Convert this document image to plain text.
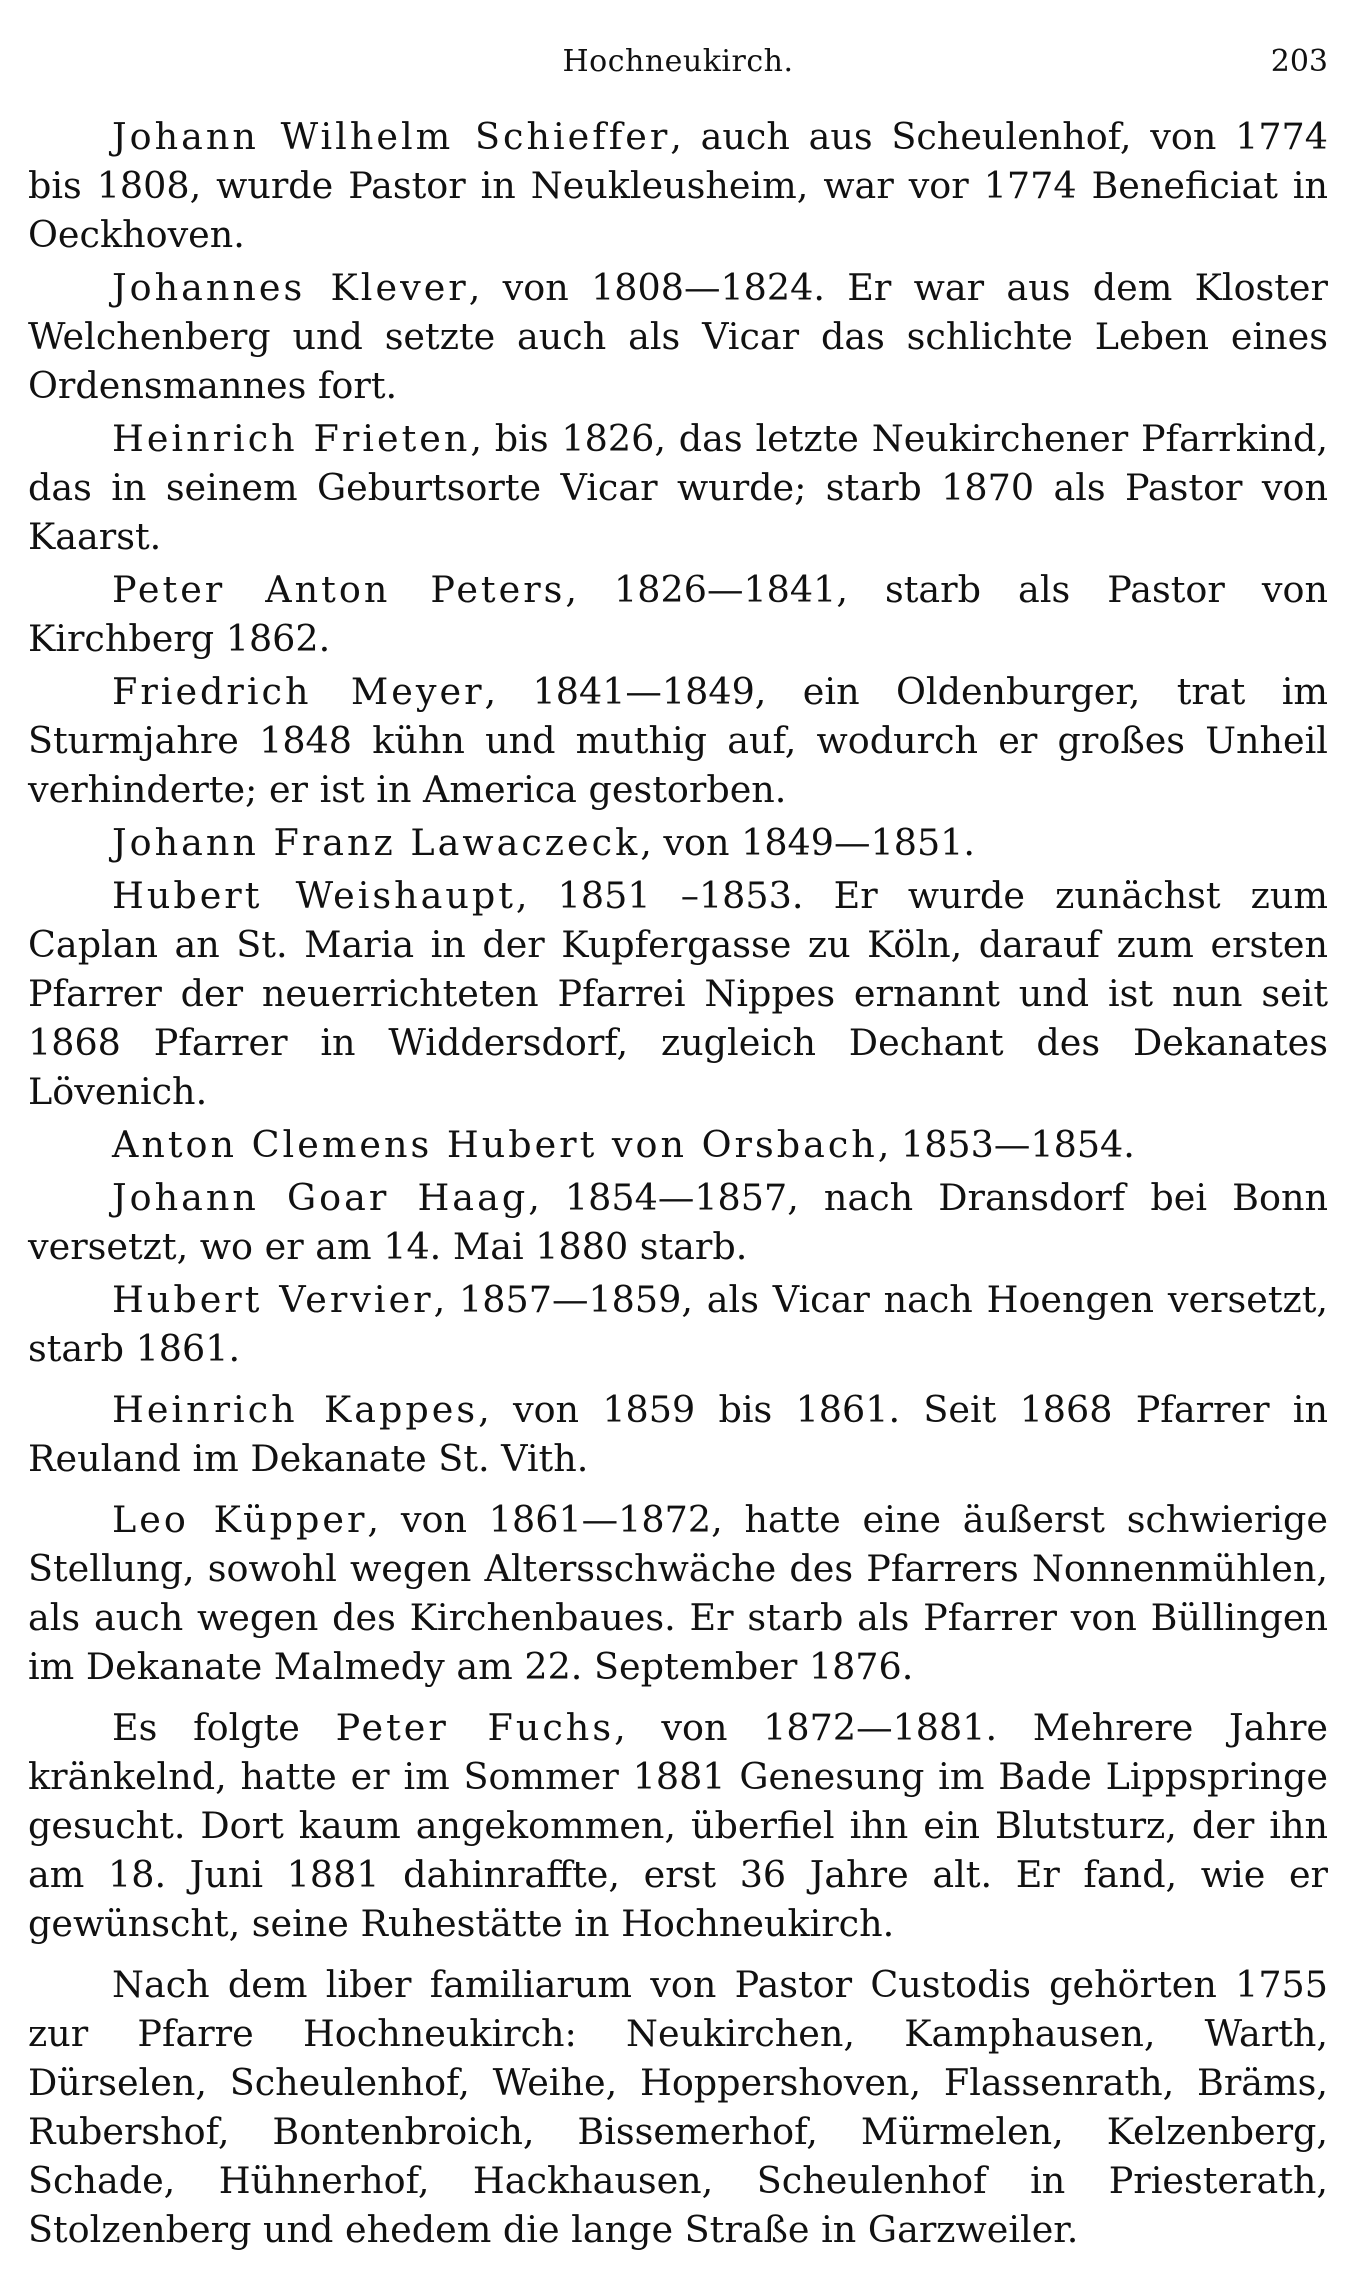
Hochneukirch.	203

Johann Wilhelm Schieffer, auch aus Scheulenhof, von 1774 bis 1808, wurde Pastor in Neukleusheim, war vor 1774 Beneficiat in Oeckhoven.

Johannes Klever, von 1808—1824. Er war aus dem Kloster Welchenberg und setzte auch als Vicar das schlichte Leben eines Ordensmannes fort.

Heinrich Frieten, bis 1826, das letzte Neukirchener Pfarrkind, das in seinem Geburtsorte Vicar wurde; starb 1870 als Pastor von Kaarst.

Peter Anton Peters, 1826—1841, starb als Pastor von Kirchberg 1862.

Friedrich Meyer, 1841—1849, ein Oldenburger, trat im Sturmjahre 1848 kühn und muthig auf, wodurch er großes Unheil verhinderte; er ist in America gestorben.

Johann Franz Lawaczeck, von 1849—1851.

Hubert Weishaupt, 1851 –1853. Er wurde zunächst zum Caplan an St. Maria in der Kupfergasse zu Köln, darauf zum ersten Pfarrer der neuerrichteten Pfarrei Nippes ernannt und ist nun seit 1868 Pfarrer in Widdersdorf, zugleich Dechant des Dekanates Lövenich.

Anton Clemens Hubert von Orsbach, 1853—1854.

Johann Goar Haag, 1854—1857, nach Dransdorf bei Bonn versetzt, wo er am 14. Mai 1880 starb.

Hubert Vervier, 1857—1859, als Vicar nach Hoengen versetzt, starb 1861.

Heinrich Kappes, von 1859 bis 1861. Seit 1868 Pfarrer in Reuland im Dekanate St. Vith.

Leo Küpper, von 1861—1872, hatte eine äußerst schwierige Stellung, sowohl wegen Altersschwäche des Pfarrers Nonnenmühlen, als auch wegen des Kirchenbaues. Er starb als Pfarrer von Büllingen im Dekanate Malmedy am 22. September 1876.

Es folgte Peter Fuchs, von 1872—1881. Mehrere Jahre kränkelnd, hatte er im Sommer 1881 Genesung im Bade Lippspringe gesucht. Dort kaum angekommen, überfiel ihn ein Blutsturz, der ihn am 18. Juni 1881 dahinraffte, erst 36 Jahre alt. Er fand, wie er gewünscht, seine Ruhestätte in Hochneukirch.

Nach dem liber familiarum von Pastor Custodis gehörten 1755 zur Pfarre Hochneukirch: Neukirchen, Kamphausen, Warth, Dürselen, Scheulenhof, Weihe, Hoppershoven, Flassenrath, Bräms, Rubershof, Bontenbroich, Bissemerhof, Mürmelen, Kelzenberg, Schade, Hühnerhof, Hackhausen, Scheulenhof in Priesterath, Stolzenberg und ehedem die lange Straße in Garzweiler.
